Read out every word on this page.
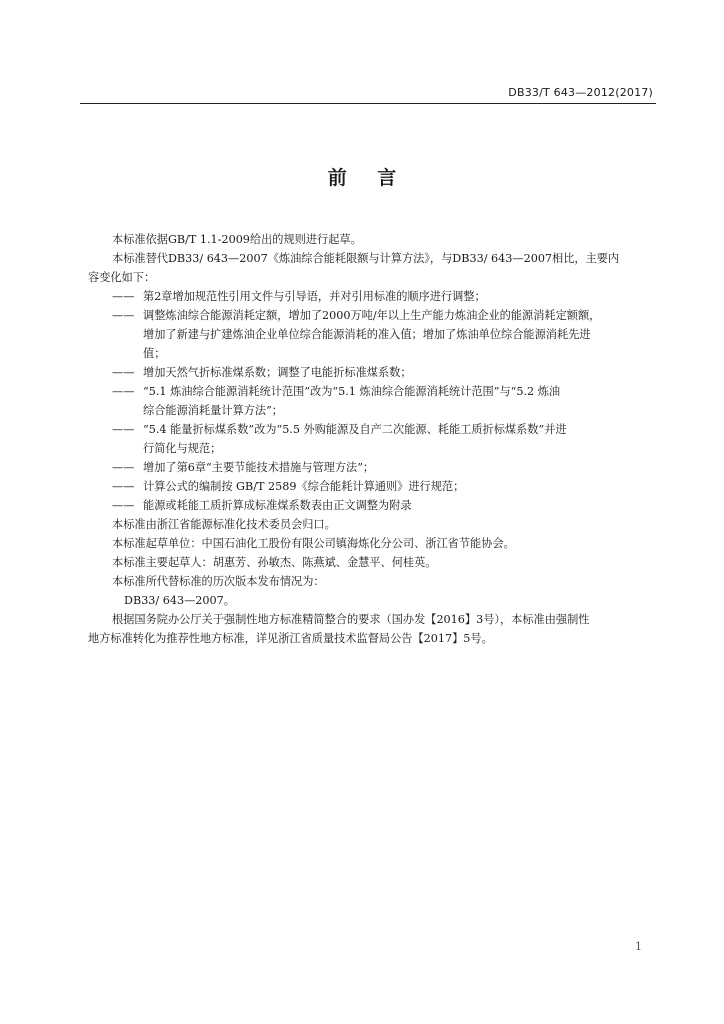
DB33/T 643—2012(2017)
前 言
本标准依据GB/T 1.1-2009给出的规则进行起草。
本标准替代DB33/ 643—2007《炼油综合能耗限额与计算方法》，与DB33/ 643—2007相比，主要内
容变化如下：
—— 第2章增加规范性引用文件与引导语，并对引用标准的顺序进行调整；
—— 调整炼油综合能源消耗定额，增加了2000万吨/年以上生产能力炼油企业的能源消耗定额额，
增加了新建与扩建炼油企业单位综合能源消耗的准入值；增加了炼油单位综合能源消耗先进
值；
—— 增加天然气折标准煤系数；调整了电能折标准煤系数；
—— “5.1 炼油综合能源消耗统计范围”改为“5.1 炼油综合能源消耗统计范围”与“5.2 炼油
综合能源消耗量计算方法”；
—— “5.4 能量折标煤系数”改为“5.5 外购能源及自产二次能源、耗能工质折标煤系数”并进
行简化与规范；
—— 增加了第6章“主要节能技术措施与管理方法”；
—— 计算公式的编制按 GB/T 2589《综合能耗计算通则》进行规范；
—— 能源或耗能工质折算成标准煤系数表由正文调整为附录
本标准由浙江省能源标准化技术委员会归口。
本标准起草单位：中国石油化工股份有限公司镇海炼化分公司、浙江省节能协会。
本标准主要起草人：胡惠芳、孙敏杰、陈燕斌、金慧平、何桂英。
本标准所代替标准的历次版本发布情况为：
DB33/ 643—2007。
根据国务院办公厅关于强制性地方标准精简整合的要求（国办发【2016】3号），本标准由强制性
地方标准转化为推荐性地方标准，详见浙江省质量技术监督局公告【2017】5号。
1
